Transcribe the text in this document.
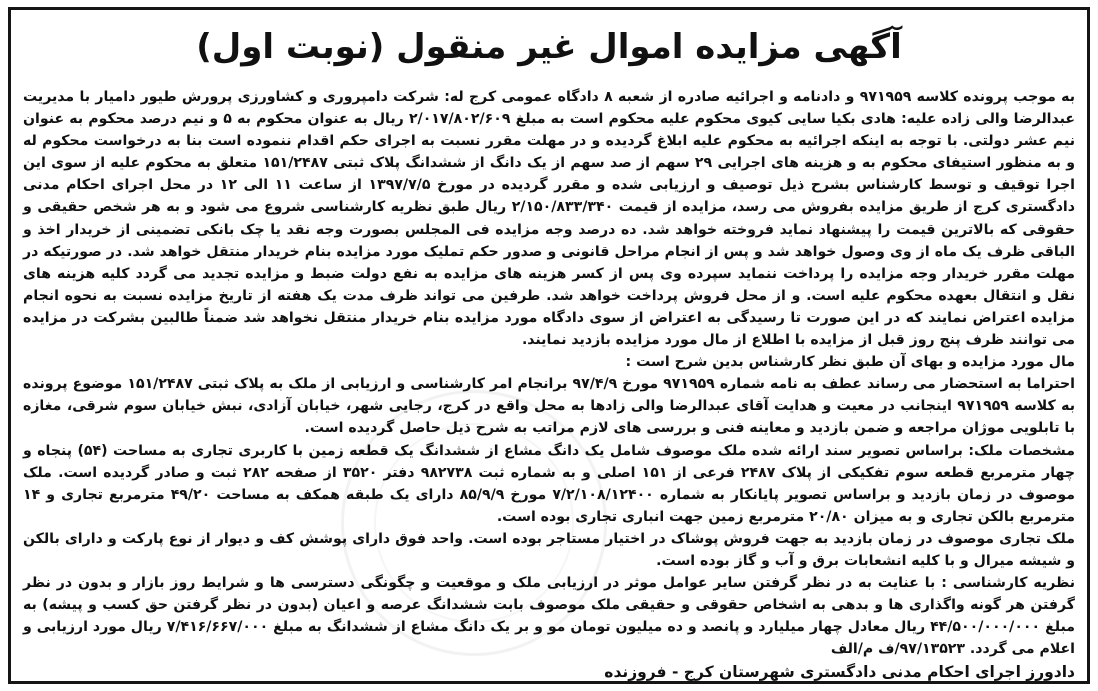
آگهی مزایده اموال غیر منقول (نوبت اول)

به موجب پرونده کلاسه ۹۷۱۹۵۹ و دادنامه و اجرائیه صادره از شعبه ۸ دادگاه عمومی کرج له: شرکت دامپروری و کشاورزی پرورش طیور دامیار با مدیریت عبدالرضا والی زاده علیه: هادی بکیا سایی کیوی محکوم علیه محکوم است به مبلغ ۲/۰۱۷/۸۰۲/۶۰۹ ریال به عنوان محکوم به ۵ و نیم درصد محکوم به عنوان نیم عشر دولتی. با توجه به اینکه اجرائیه به محکوم علیه ابلاغ گردیده و در مهلت مقرر نسبت به اجرای حکم اقدام ننموده است بنا به درخواست محکوم له و به منظور استیفای محکوم به و هزینه های اجرایی ۲۹ سهم از صد سهم از یک دانگ از ششدانگ پلاک ثبتی ۱۵۱/۲۴۸۷ متعلق به محکوم علیه از سوی این اجرا توقیف و توسط کارشناس بشرح ذیل توصیف و ارزیابی شده و مقرر گردیده در مورخ ۱۳۹۷/۷/۵ از ساعت ۱۱ الی ۱۲ در محل اجرای احکام مدنی دادگستری کرج از طریق مزایده بفروش می رسد، مزایده از قیمت ۲/۱۵۰/۸۳۳/۳۴۰ ریال طبق نظریه کارشناسی شروع می شود و به هر شخص حقیقی و حقوقی که بالاترین قیمت را پیشنهاد نماید فروخته خواهد شد. ده درصد وجه مزایده فی المجلس بصورت وجه نقد یا چک بانکی تضمینی از خریدار اخذ و الباقی ظرف یک ماه از وی وصول خواهد شد و پس از انجام مراحل قانونی و صدور حکم تملیک مورد مزایده بنام خریدار منتقل خواهد شد. در صورتیکه در مهلت مقرر خریدار وجه مزایده را پرداخت ننماید سپرده وی پس از کسر هزینه های مزایده به نفع دولت ضبط و مزایده تجدید می گردد کلیه هزینه های نقل و انتقال بعهده محکوم علیه است. و از محل فروش پرداخت خواهد شد. طرفین می تواند ظرف مدت یک هفته از تاریخ مزایده نسبت به نحوه انجام مزایده اعتراض نمایند که در این صورت تا رسیدگی به اعتراض از سوی دادگاه مورد مزایده بنام خریدار منتقل نخواهد شد ضمناً طالبین بشرکت در مزایده می توانند ظرف پنج روز قبل از مزایده با اطلاع از مال مورد مزایده بازدید نمایند.

مال مورد مزایده و بهای آن طبق نظر کارشناس بدین شرح است :

احتراما به استحضار می رساند عطف به نامه شماره ۹۷۱۹۵۹ مورخ ۹۷/۴/۹ برانجام امر کارشناسی و ارزیابی از ملک به پلاک ثبتی ۱۵۱/۲۴۸۷ موضوع پرونده به کلاسه ۹۷۱۹۵۹ اینجانب در معیت و هدایت آقای عبدالرضا والی زادها به محل واقع در کرج، رجایی شهر، خیابان آزادی، نبش خیابان سوم شرقی، مغازه با تابلویی موژان مراجعه و ضمن بازدید و معاینه فنی و بررسی های لازم مراتب به شرح ذیل حاصل گردیده است.

مشخصات ملک: براساس تصویر سند ارائه شده ملک موصوف شامل یک دانگ مشاع از ششدانگ یک قطعه زمین با کاربری تجاری به مساحت (۵۴) پنجاه و چهار مترمربع قطعه سوم تفکیکی از پلاک ۲۴۸۷ فرعی از ۱۵۱ اصلی و به شماره ثبت ۹۸۲۷۳۸ دفتر ۳۵۲۰ از صفحه ۲۸۲ ثبت و صادر گردیده است. ملک موصوف در زمان بازدید و براساس تصویر پایانکار به شماره ۷/۲/۱۰۸/۱۲۴۰۰ مورخ ۸۵/۹/۹ دارای یک طبقه همکف به مساحت ۴۹/۲۰ مترمربع تجاری و ۱۴ مترمربع بالکن تجاری و به میزان ۲۰/۸۰ مترمربع زمین جهت انباری تجاری بوده است.

ملک تجاری موصوف در زمان بازدید به جهت فروش پوشاک در اختیار مستاجر بوده است. واحد فوق دارای پوشش کف و دیوار از نوع پارکت و دارای بالکن و شیشه میرال و با کلیه انشعابات برق و آب و گاز بوده است.

نظریه کارشناسی : با عنایت به در نظر گرفتن سایر عوامل موثر در ارزیابی ملک و موقعیت و چگونگی دسترسی ها و شرایط روز بازار و بدون در نظر گرفتن هر گونه واگذاری ها و بدهی به اشخاص حقوقی و حقیقی ملک موصوف بابت ششدانگ عرصه و اعیان (بدون در نظر گرفتن حق کسب و پیشه) به مبلغ ۴۴/۵۰۰/۰۰۰/۰۰۰ ریال معادل چهار میلیارد و پانصد و ده میلیون تومان مو و بر یک دانگ مشاع از ششدانگ به مبلغ ۷/۴۱۶/۶۶۷/۰۰۰ ریال مورد ارزیابی و اعلام می گردد. ۹۷/۱۳۵۲۳/ف م/الف

دادورز اجرای احکام مدنی دادگستری شهرستان کرج - فروزنده
